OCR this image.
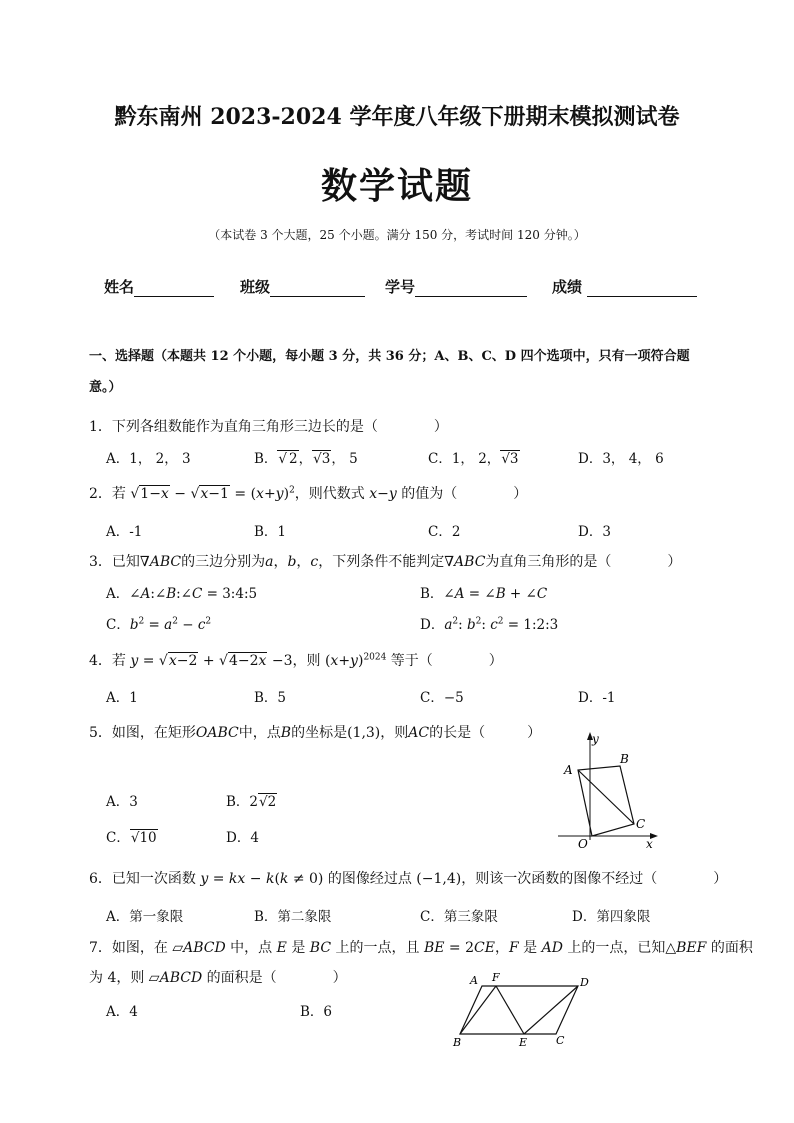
黔东南州 2023-2024 学年度八年级下册期末模拟测试卷
数学试题
（本试卷 3 个大题，25 个小题。满分 150 分，考试时间 120 分钟。）
姓名	班级	学号	成绩
一、选择题（本题共 12 个小题，每小题 3 分，共 36 分；A、B、C、D 四个选项中，只有一项符合题
意。）
1．下列各组数能作为直角三角形三边长的是（　　　　）
A．1， 2， 3	B．√ 2，√3， 5	C．1， 2，√3	D．3， 4， 6
2．若 $√1-x - √x-1 = (x+y)^2$，则代数式 x−y 的值为（　　　　）
A．-1	B．1	C．2	D．3
3．已知∇ABC的三边分别为a，b，c，下列条件不能判定∇ABC为直角三角形的是（　　　　）
A．∠A:∠B:∠C = 3:4:5	B．∠A = ∠B + ∠C
C．$b^2 = a^2 - c^2$	D．$a^2$: $b^2$: $c^2$ = 1:2:3
4．若 y = √x−2 + √4−2x −3，则 $(x+y)^{2024}$ 等于（　　　　）
A．1	B．5	C．−5	D．-1
5．如图，在矩形OABC中，点B的坐标是(1,3)，则AC的长是（　　　）
A．3	B．2√2
C．√10	D．4
y
B
A
C
O	x
6．已知一次函数 y = kx − k(k ≠ 0) 的图像经过点 (−1,4)，则该一次函数的图像不经过（　　　　）
A．第一象限	B．第二象限	C．第三象限	D．第四象限
7．如图，在 ▱ABCD 中，点 E 是 BC 上的一点，且 BE = 2CE，F 是 AD 上的一点，已知△BEF 的面积
为 4，则 ▱ABCD 的面积是（　　　　）
A．4	B．6
A F	D
B	E	C
